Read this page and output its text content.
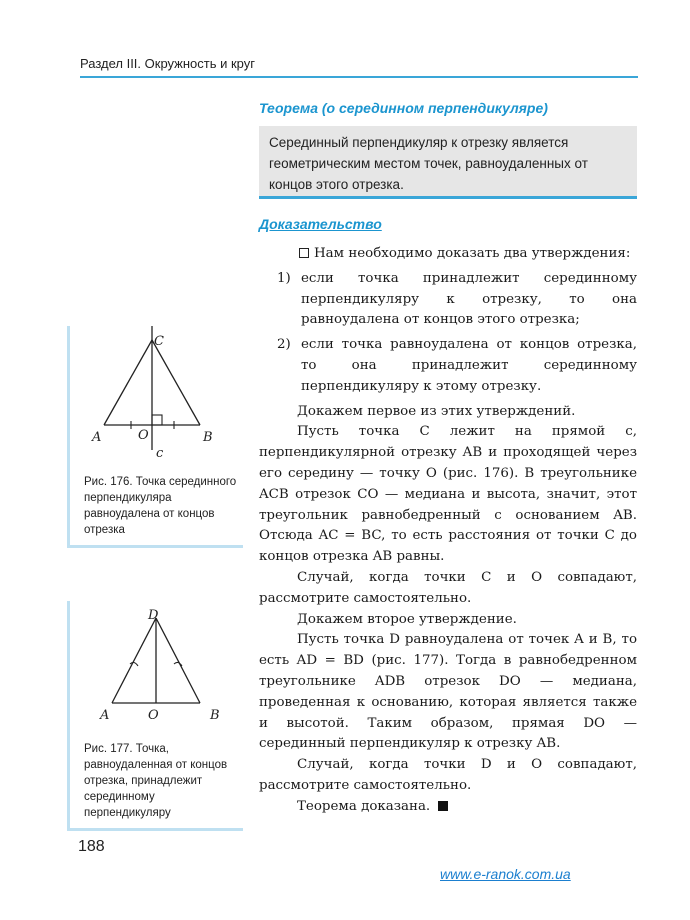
Раздел III. Окружность и круг
Теорема (о серединном перпендикуляре)
Серединный перпендикуляр к отрезку является геометрическим местом точек, равноудаленных от концов этого отрезка.
Доказательство

Нам необходимо доказать два утверждения:

1) если точка принадлежит серединному перпендикуляру к отрезку, то она равноудалена от концов этого отрезка;
2) если точка равноудалена от концов отрезка, то она принадлежит серединному перпендикуляру к этому отрезку.

Докажем первое из этих утверждений.

Пусть точка C лежит на прямой c, перпендикулярной отрезку AB и проходящей через его середину — точку O (рис. 176). В треугольнике ACB отрезок CO — медиана и высота, значит, этот треугольник равнобедренный с основанием AB. Отсюда AC = BC, то есть расстояния от точки C до концов отрезка AB равны.

Случай, когда точки C и O совпадают, рассмотрите самостоятельно.

Докажем второе утверждение.

Пусть точка D равноудалена от точек A и B, то есть AD = BD (рис. 177). Тогда в равнобедренном треугольнике ADB отрезок DO — медиана, проведенная к основанию, которая является также и высотой. Таким образом, прямая DO — серединный перпендикуляр к отрезку AB.

Случай, когда точки D и O совпадают, рассмотрите самостоятельно.

Теорема доказана.

C
A	B
O
c
Рис. 176. Точка серединного перпендикуляра равноудалена от концов отрезка
D
A	B
O
Рис. 177. Точка, равноудаленная от концов отрезка, принадлежит серединному перпендикуляру
188
www.e-ranok.com.ua
